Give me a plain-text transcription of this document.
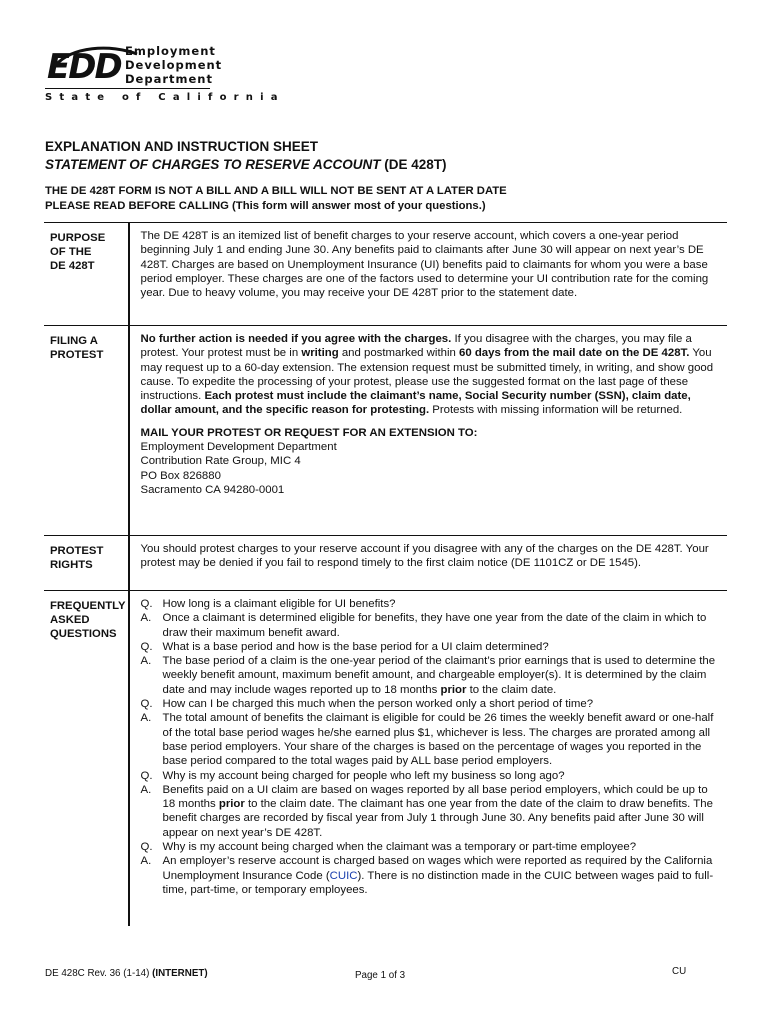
EDD Employment
Development
Department
State of California
EXPLANATION AND INSTRUCTION SHEET
STATEMENT OF CHARGES TO RESERVE ACCOUNT (DE 428T)
THE DE 428T FORM IS NOT A BILL AND A BILL WILL NOT BE SENT AT A LATER DATE
PLEASE READ BEFORE CALLING (This form will answer most of your questions.)
PURPOSE
OF THE
DE 428T
The DE 428T is an itemized list of benefit charges to your reserve account, which covers a one-year period beginning July 1 and ending June 30. Any benefits paid to claimants after June 30 will appear on next year’s DE 428T. Charges are based on Unemployment Insurance (UI) benefits paid to claimants for whom you were a base period employer. These charges are one of the factors used to determine your UI contribution rate for the coming year. Due to heavy volume, you may receive your DE 428T prior to the statement date.
FILING A
PROTEST
No further action is needed if you agree with the charges. If you disagree with the charges, you may file a protest. Your protest must be in writing and postmarked within 60 days from the mail date on the DE 428T. You may request up to a 60-day extension. The extension request must be submitted timely, in writing, and show good cause. To expedite the processing of your protest, please use the suggested format on the last page of these instructions. Each protest must include the claimant’s name, Social Security number (SSN), claim date, dollar amount, and the specific reason for protesting. Protests with missing information will be returned.
MAIL YOUR PROTEST OR REQUEST FOR AN EXTENSION TO:

Employment Development Department

Contribution Rate Group, MIC 4

PO Box 826880

Sacramento CA 94280-0001

PROTEST
RIGHTS
You should protest charges to your reserve account if you disagree with any of the charges on the DE 428T. Your protest may be denied if you fail to respond timely to the first claim notice (DE 1101CZ or DE 1545).
FREQUENTLY
ASKED
QUESTIONS
Q. How long is a claimant eligible for UI benefits?
A. Once a claimant is determined eligible for benefits, they have one year from the date of the claim in which to draw their maximum benefit award.
Q. What is a base period and how is the base period for a UI claim determined?
A. The base period of a claim is the one-year period of the claimant’s prior earnings that is used to determine the weekly benefit amount, maximum benefit amount, and chargeable employer(s). It is determined by the claim date and may include wages reported up to 18 months prior to the claim date.
Q. How can I be charged this much when the person worked only a short period of time?
A. The total amount of benefits the claimant is eligible for could be 26 times the weekly benefit award or one-half of the total base period wages he/she earned plus $1, whichever is less. The charges are prorated among all base period employers. Your share of the charges is based on the percentage of wages you reported in the base period compared to the total wages paid by ALL base period employers.
Q. Why is my account being charged for people who left my business so long ago?
A. Benefits paid on a UI claim are based on wages reported by all base period employers, which could be up to 18 months prior to the claim date. The claimant has one year from the date of the claim to draw benefits. The benefit charges are recorded by fiscal year from July 1 through June 30. Any benefits paid after June 30 will appear on next year’s DE 428T.
Q. Why is my account being charged when the claimant was a temporary or part-time employee?
A. An employer’s reserve account is charged based on wages which were reported as required by the California Unemployment Insurance Code (CUIC). There is no distinction made in the CUIC between wages paid to full-time, part-time, or temporary employees.
DE 428C Rev. 36 (1-14) (INTERNET)	Page 1 of 3	CU
